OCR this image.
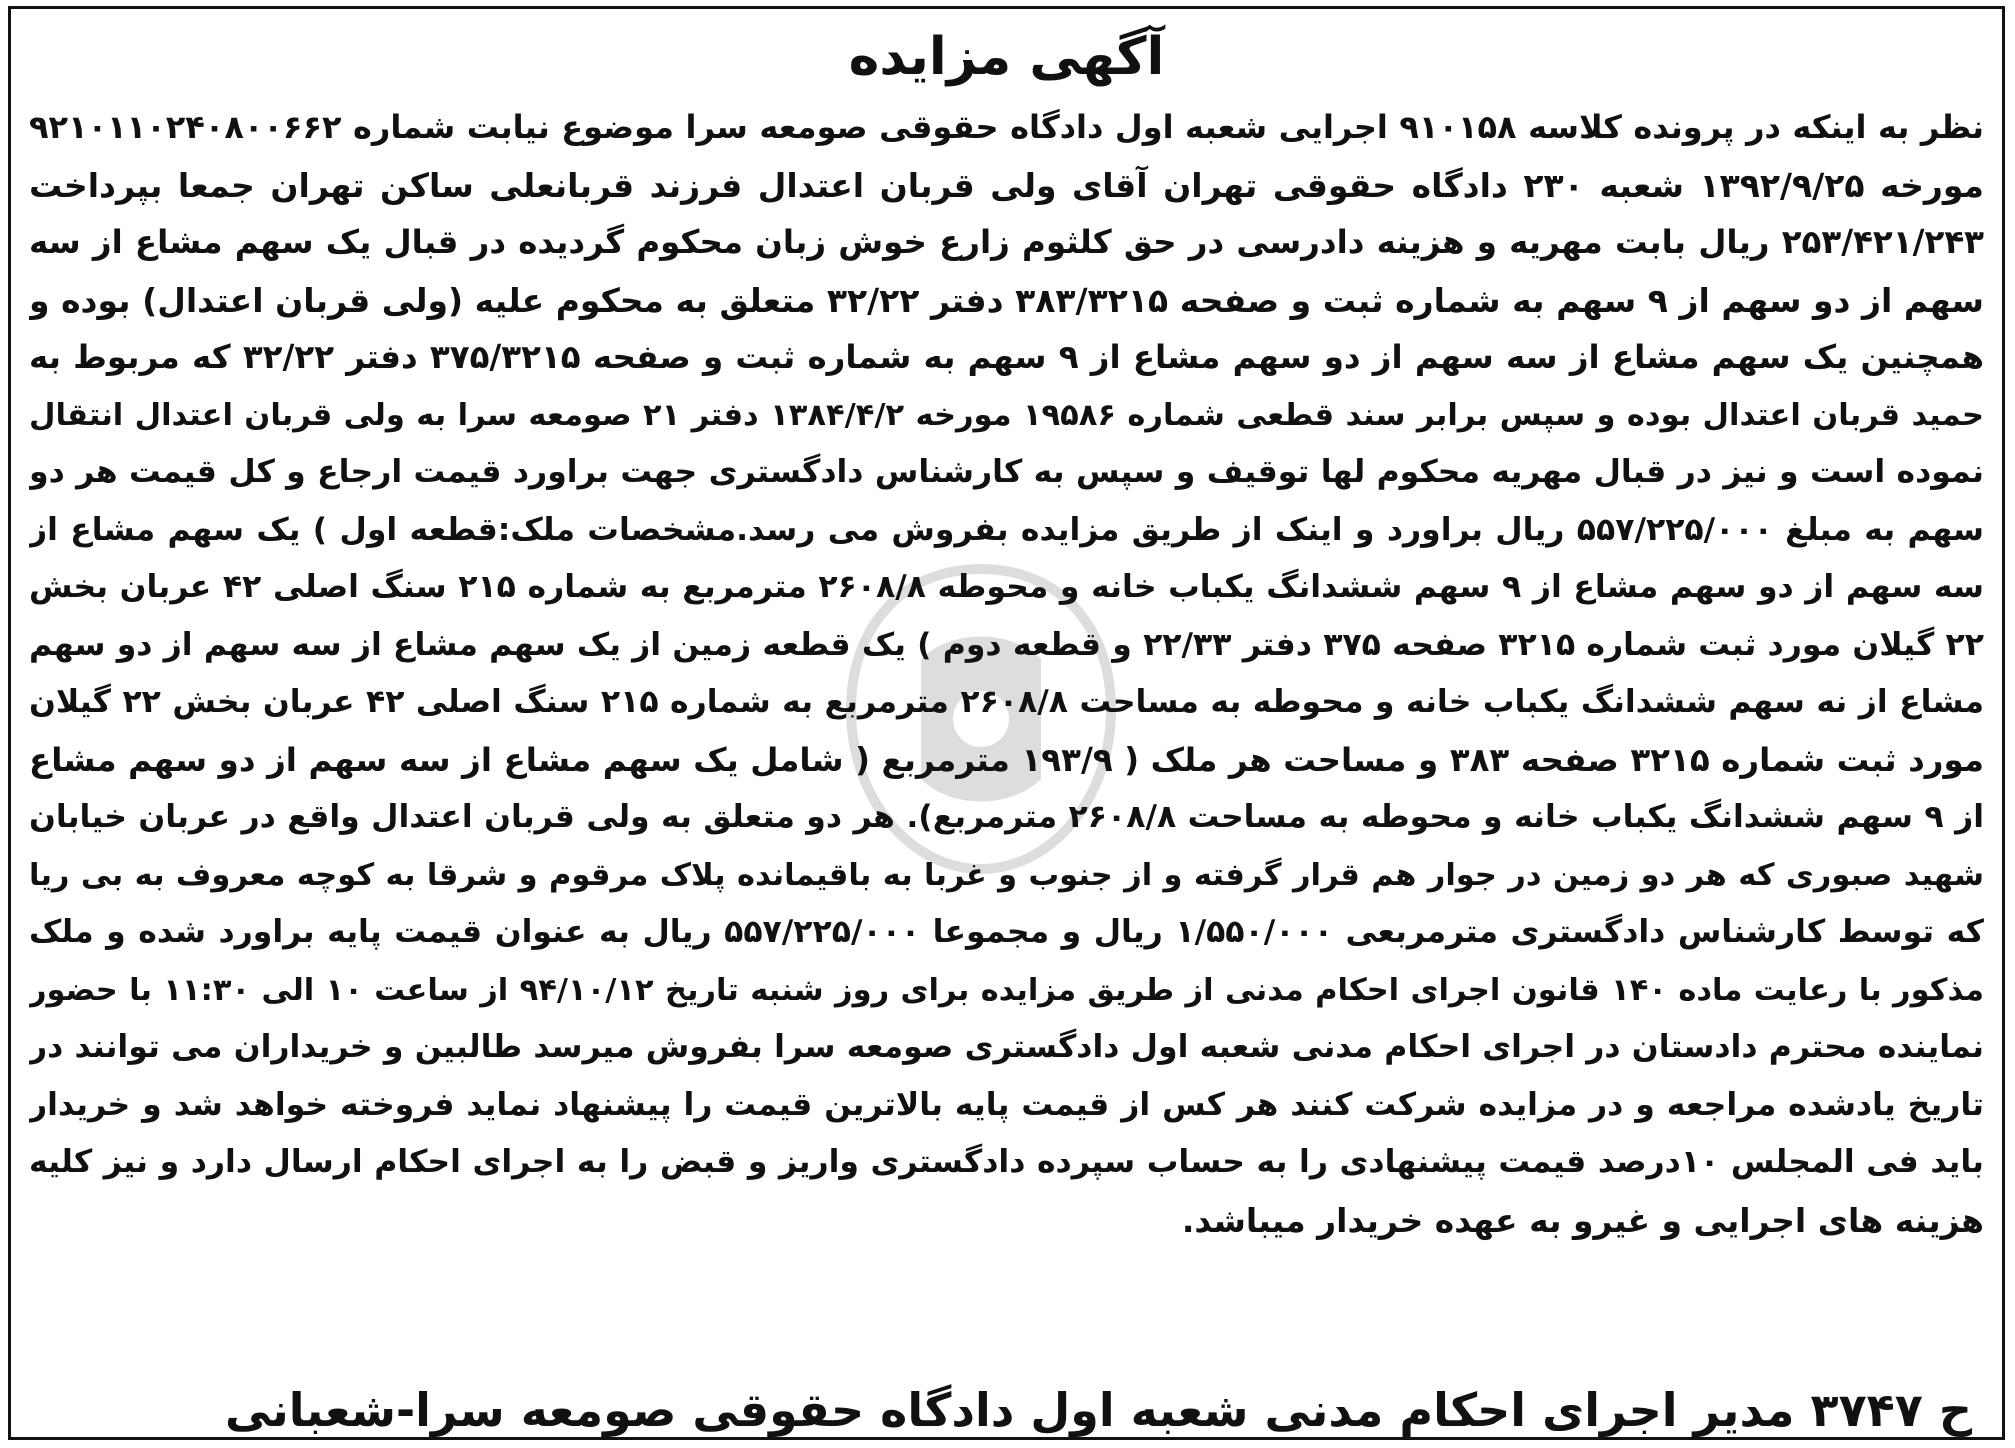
آگهی مزایده
نظر به اینکه در پرونده کلاسه ۹۱۰۱۵۸ اجرایی شعبه اول دادگاه حقوقی صومعه سرا موضوع نیابت شماره ۹۲۱۰۱۱۰۲۴۰۸۰۰۶۶۲
مورخه ۱۳۹۲/۹/۲۵ شعبه ۲۳۰ دادگاه حقوقی تهران آقای ولی قربان اعتدال فرزند قربانعلی ساکن تهران جمعا بپرداخت
۲۵۳/۴۲۱/۲۴۳ ریال بابت مهریه و هزینه دادرسی در حق کلثوم زارع خوش زبان محکوم گردیده در قبال یک سهم مشاع از سه
سهم از دو سهم از ۹ سهم به شماره ثبت و صفحه ۳۸۳/۳۲۱۵ دفتر ۳۲/۲۲ متعلق به محکوم علیه (ولی قربان اعتدال) بوده و
همچنین یک سهم مشاع از سه سهم از دو سهم مشاع از ۹ سهم به شماره ثبت و صفحه ۳۷۵/۳۲۱۵ دفتر ۳۲/۲۲ که مربوط به
حمید قربان اعتدال بوده و سپس برابر سند قطعی شماره ۱۹۵۸۶ مورخه ۱۳۸۴/۴/۲ دفتر ۲۱ صومعه سرا به ولی قربان اعتدال انتقال
نموده است و نیز در قبال مهریه محکوم لها توقیف و سپس به کارشناس دادگستری جهت براورد قیمت ارجاع و کل قیمت هر دو
سهم به مبلغ ۵۵۷/۲۲۵/۰۰۰ ریال براورد و اینک از طریق مزایده بفروش می رسد.مشخصات ملک:قطعه اول ) یک سهم مشاع از
سه سهم از دو سهم مشاع از ۹ سهم ششدانگ یکباب خانه و محوطه ۲۶۰۸/۸ مترمربع به شماره ۲۱۵ سنگ اصلی ۴۲ عربان بخش
۲۲ گیلان مورد ثبت شماره ۳۲۱۵ صفحه ۳۷۵ دفتر ۲۲/۳۳ و قطعه دوم ) یک قطعه زمین از یک سهم مشاع از سه سهم از دو سهم
مشاع از نه سهم ششدانگ یکباب خانه و محوطه به مساحت ۲۶۰۸/۸ مترمربع به شماره ۲۱۵ سنگ اصلی ۴۲ عربان بخش ۲۲ گیلان
مورد ثبت شماره ۳۲۱۵ صفحه ۳۸۳ و مساحت هر ملک ( ۱۹۳/۹ مترمربع ( شامل یک سهم مشاع از سه سهم از دو سهم مشاع
از ۹ سهم ششدانگ یکباب خانه و محوطه به مساحت ۲۶۰۸/۸ مترمربع). هر دو متعلق به ولی قربان اعتدال واقع در عربان خیابان
شهید صبوری که هر دو زمین در جوار هم قرار گرفته و از جنوب و غربا به باقیمانده پلاک مرقوم و شرقا به کوچه معروف به بی ریا
که توسط کارشناس دادگستری مترمربعی ۱/۵۵۰/۰۰۰ ریال و مجموعا ۵۵۷/۲۲۵/۰۰۰ ریال به عنوان قیمت پایه براورد شده و ملک
مذکور با رعایت ماده ۱۴۰ قانون اجرای احکام مدنی از طریق مزایده برای روز شنبه تاریخ ۹۴/۱۰/۱۲ از ساعت ۱۰ الی ۱۱:۳۰ با حضور
نماینده محترم دادستان در اجرای احکام مدنی شعبه اول دادگستری صومعه سرا بفروش میرسد طالبین و خریداران می توانند در
تاریخ یادشده مراجعه و در مزایده شرکت کنند هر کس از قیمت پایه بالاترین قیمت را پیشنهاد نماید فروخته خواهد شد و خریدار
باید فی المجلس ۱۰درصد قیمت پیشنهادی را به حساب سپرده دادگستری واریز و قبض را به اجرای احکام ارسال دارد و نیز کلیه
هزینه های اجرایی و غیرو به عهده خریدار میباشد.
ح ۳۷۴۷ مدیر اجرای احکام مدنی شعبه اول دادگاه حقوقی صومعه سرا-شعبانی
